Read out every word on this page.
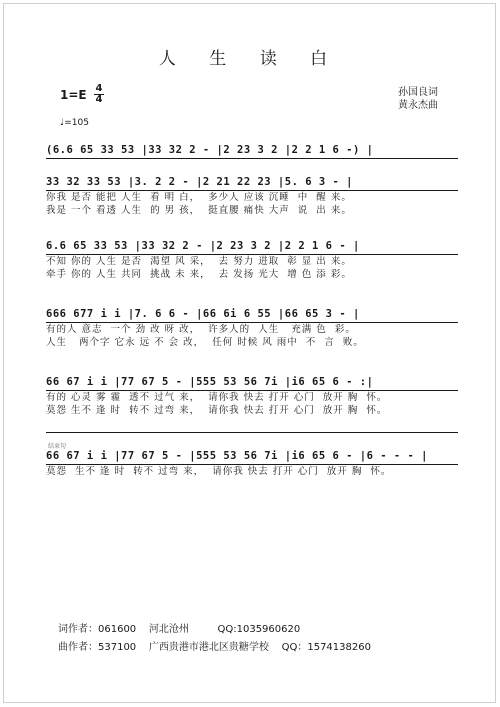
人 生 读 白
1=E 4
4
♩=105
孙国良词
黄永杰曲
(6.6 65 33 53 |33 32 2 - |2 23 3 2 |2 2 1 6 -) |
33 32 33 53 |3. 2 2 - |2 21 22 23 |5. 6 3 - |
你我 是否 能把 人生  看 明 白，  多少人 应该 沉睡  中  醒 来。
我是 一个 看透 人生  的 男 孩，  挺直腰 痛快 大声  说  出 来。
6.6 65 33 53 |33 32 2 - |2 23 3 2 |2 2 1 6 - |
不知 你的 人生 是否  渴望 风 采，  去 努力 进取  彰 显 出 来。
牵手 你的 人生 共同  挑战 未 来，  去 发扬 光大  增 色 添 彩。
666 677 i i |7. 6 6 - |66 6i 6 55 |66 65 3 - |
有的人 意志  一个 劲 改 呀 改，  许多人的  人生   充满 色  彩。
人生   两个字 它永 远 不 会 改，  任何 时候 风 雨中  不  言  败。
66 67 i i |77 67 5 - |555 53 56 7i |i6 65 6 - :|
有的 心灵 雾 霾  透不 过气 来，  请你我 快去 打开 心门  放开 胸  怀。
莫怨 生不 逢 时  转不 过弯 来，  请你我 快去 打开 心门  放开 胸  怀。
结束句
66 67 i i |77 67 5 - |555 53 56 7i |i6 65 6 - |6 - - - |
莫怨  生不 逢 时  转不 过弯 来，  请你我 快去 打开 心门  放开 胸  怀。
词作者：061600    河北沧州         QQ:1035960620
曲作者：537100    广西贵港市港北区贵糖学校    QQ：1574138260
